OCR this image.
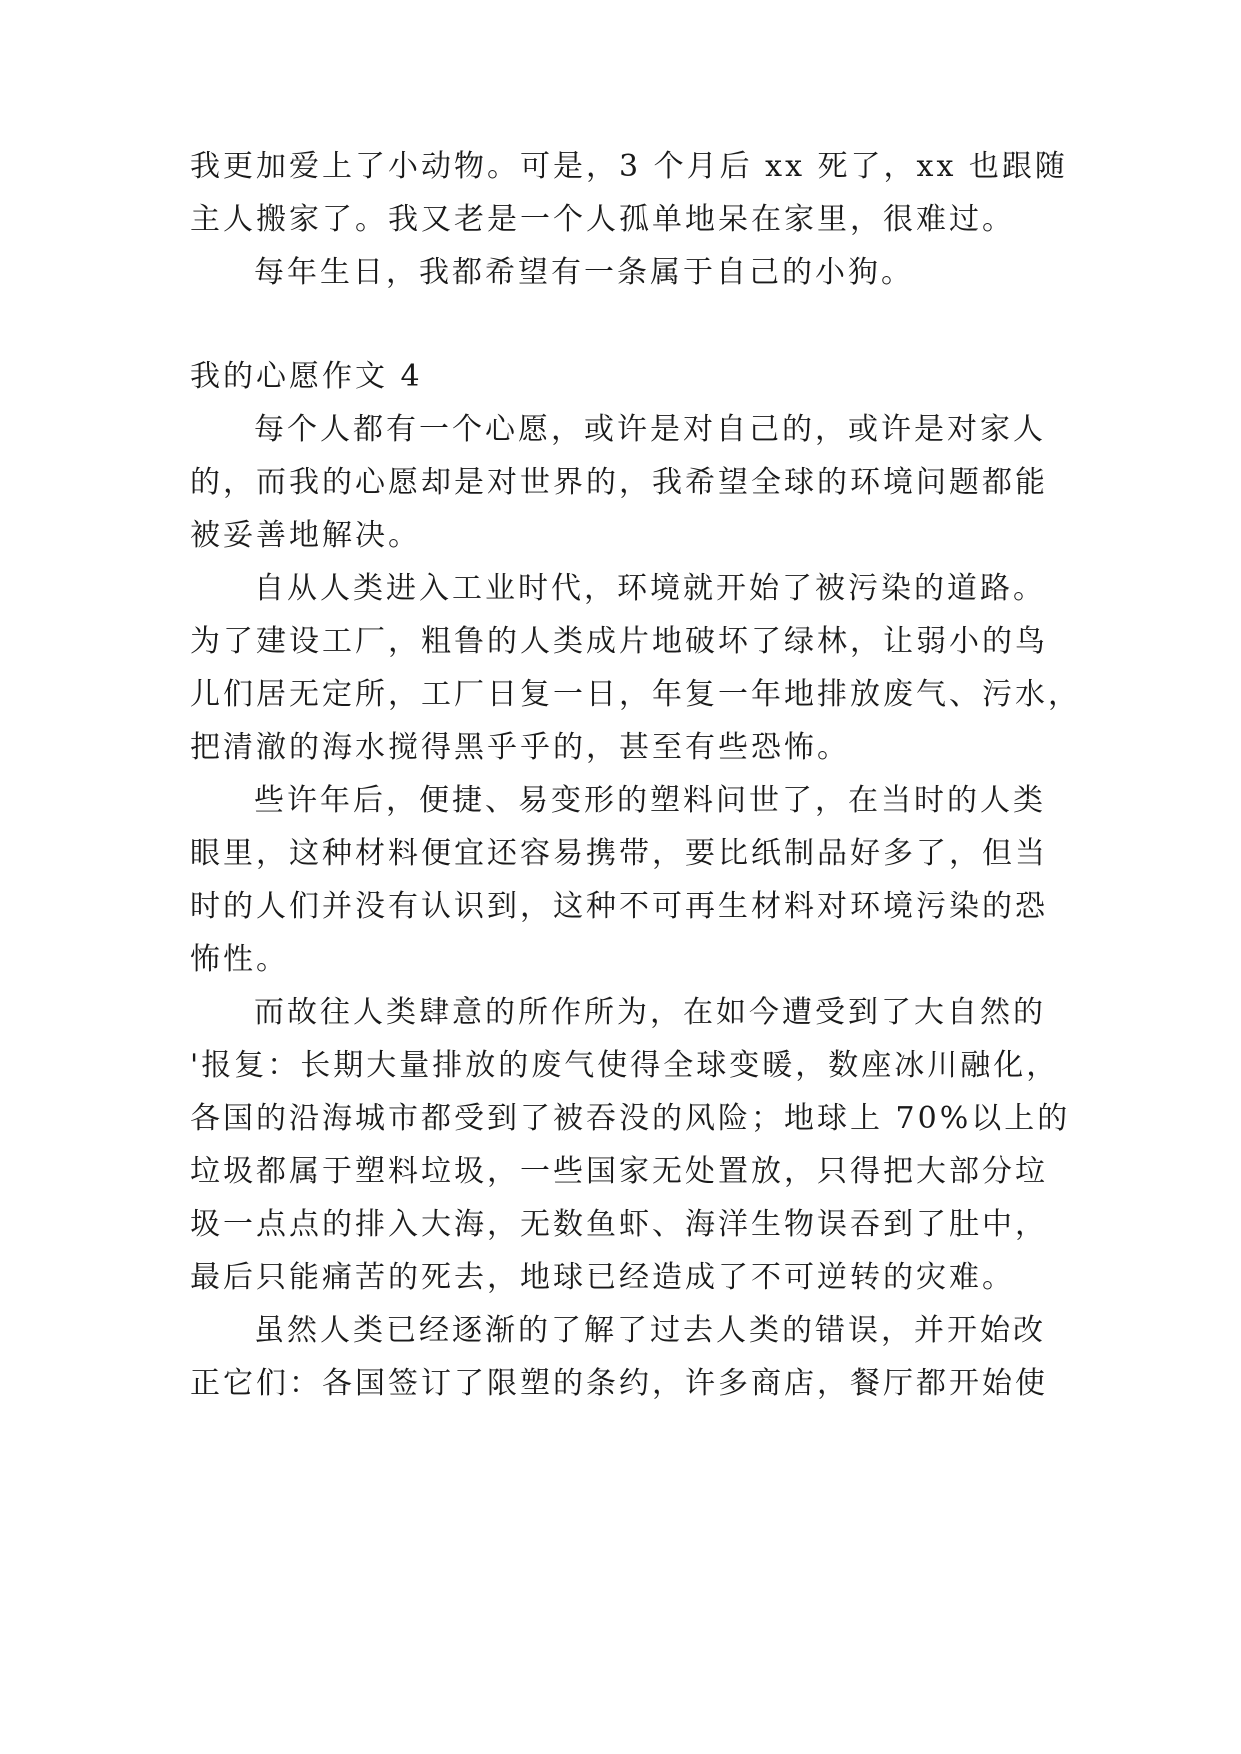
我更加爱上了小动物。可是，3 个月后 xx 死了，xx 也跟随
主人搬家了。我又老是一个人孤单地呆在家里，很难过。
每年生日，我都希望有一条属于自己的小狗。
我的心愿作文 4
每个人都有一个心愿，或许是对自己的，或许是对家人
的，而我的心愿却是对世界的，我希望全球的环境问题都能
被妥善地解决。
自从人类进入工业时代，环境就开始了被污染的道路。
为了建设工厂，粗鲁的人类成片地破坏了绿林，让弱小的鸟
儿们居无定所，工厂日复一日，年复一年地排放废气、污水，
把清澈的海水搅得黑乎乎的，甚至有些恐怖。
些许年后，便捷、易变形的塑料问世了，在当时的人类
眼里，这种材料便宜还容易携带，要比纸制品好多了，但当
时的人们并没有认识到，这种不可再生材料对环境污染的恐
怖性。
而故往人类肆意的所作所为，在如今遭受到了大自然的
'报复：长期大量排放的废气使得全球变暖，数座冰川融化，
各国的沿海城市都受到了被吞没的风险；地球上 70%以上的
垃圾都属于塑料垃圾，一些国家无处置放，只得把大部分垃
圾一点点的排入大海，无数鱼虾、海洋生物误吞到了肚中，
最后只能痛苦的死去，地球已经造成了不可逆转的灾难。
虽然人类已经逐渐的了解了过去人类的错误，并开始改
正它们：各国签订了限塑的条约，许多商店，餐厅都开始使
